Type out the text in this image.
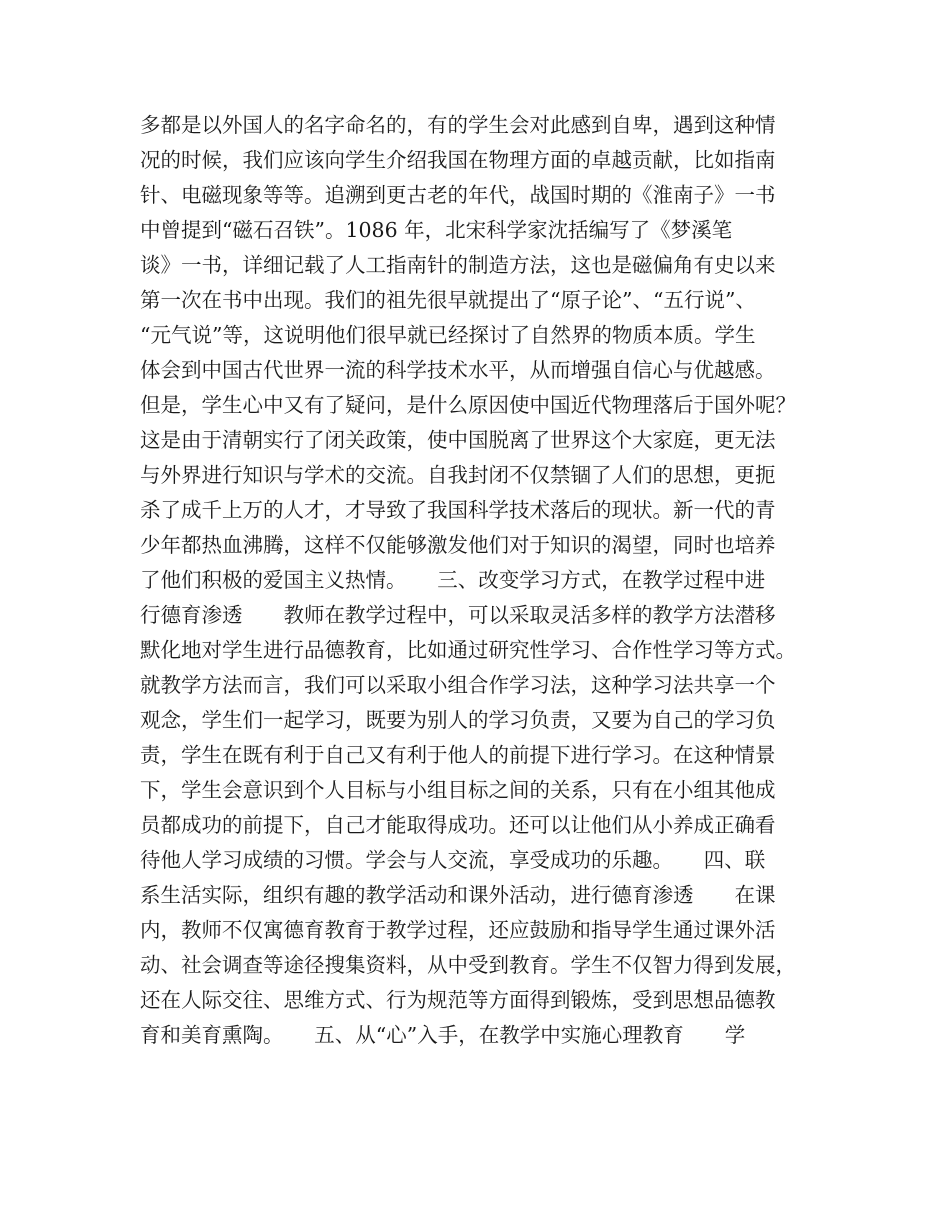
多都是以外国人的名字命名的，有的学生会对此感到自卑，遇到这种情
况的时候，我们应该向学生介绍我国在物理方面的卓越贡献，比如指南
针、电磁现象等等。追溯到更古老的年代，战国时期的《淮南子》一书
中曾提到“磁石召铁”。1086 年，北宋科学家沈括编写了《梦溪笔
谈》一书，详细记载了人工指南针的制造方法，这也是磁偏角有史以来
第一次在书中出现。我们的祖先很早就提出了“原子论”、“五行说”、
“元气说”等，这说明他们很早就已经探讨了自然界的物质本质。学生
体会到中国古代世界一流的科学技术水平，从而增强自信心与优越感。
但是，学生心中又有了疑问，是什么原因使中国近代物理落后于国外呢？
这是由于清朝实行了闭关政策，使中国脱离了世界这个大家庭，更无法
与外界进行知识与学术的交流。自我封闭不仅禁锢了人们的思想，更扼
杀了成千上万的人才，才导致了我国科学技术落后的现状。新一代的青
少年都热血沸腾，这样不仅能够激发他们对于知识的渴望，同时也培养
了他们积极的爱国主义热情。　　三、改变学习方式，在教学过程中进
行德育渗透　　教师在教学过程中，可以采取灵活多样的教学方法潜移
默化地对学生进行品德教育，比如通过研究性学习、合作性学习等方式。
就教学方法而言，我们可以采取小组合作学习法，这种学习法共享一个
观念，学生们一起学习，既要为别人的学习负责，又要为自己的学习负
责，学生在既有利于自己又有利于他人的前提下进行学习。在这种情景
下，学生会意识到个人目标与小组目标之间的关系，只有在小组其他成
员都成功的前提下，自己才能取得成功。还可以让他们从小养成正确看
待他人学习成绩的习惯。学会与人交流，享受成功的乐趣。　　四、联
系生活实际，组织有趣的教学活动和课外活动，进行德育渗透　　在课
内，教师不仅寓德育教育于教学过程，还应鼓励和指导学生通过课外活
动、社会调查等途径搜集资料，从中受到教育。学生不仅智力得到发展，
还在人际交往、思维方式、行为规范等方面得到锻炼，受到思想品德教
育和美育熏陶。　　五、从“心”入手，在教学中实施心理教育　　学
